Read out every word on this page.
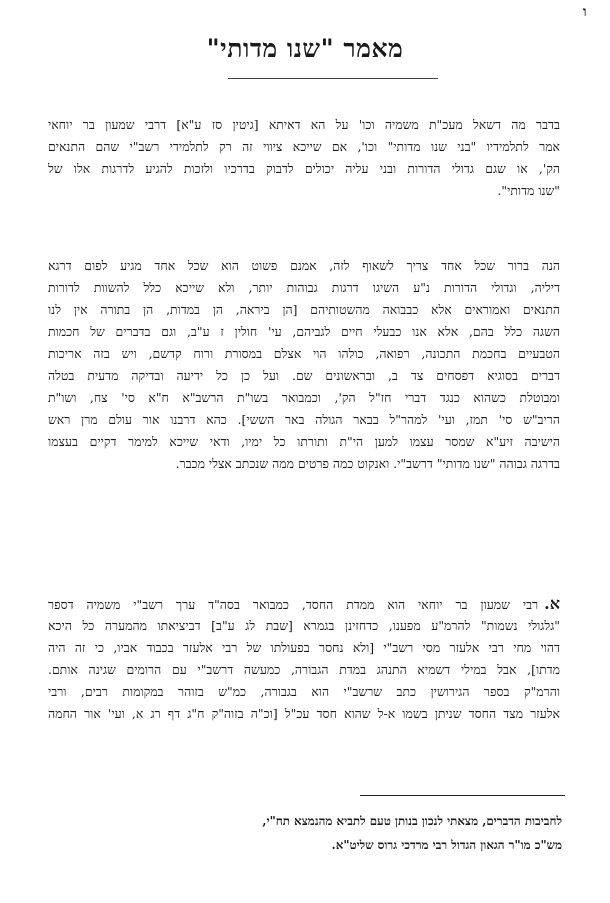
ו
מאמר "שנו מדותי"
בדבר מה דשאל מעכ"ת משמיה וכו' על הא דאיתא [גיטין סז ע"א] דרבי שמעון בר יוחאי
אמר לתלמידיו "בני שנו מדותי" וכו', אם שייכא ציווי זה רק לתלמידי רשב"י שהם התנאים
הק', או שגם גדולי הדורות ובני עליה יכולים לדבוק בדרכיו ולזכות להגיע לדרגות אלו של
"שנו מדותי".
הנה ברור שכל אחד צריך לשאוף לזה, אמנם פשוט הוא שכל אחד מגיע לפום דרגא
דיליה, וגדולי הדורות נ"ע השיגו דרגות גבוהות יותר, ולא שייכא כלל להשוות לדורות
התנאים ואמוראים אלא כבבואה מהשטותיהם [הן ביראה, הן במדות, הן בתורה אין לנו
השגה כלל בהם, אלא אנו כבעלי חיים לגביהם, עי' חולין ז ע"ב, וגם בדברים של חכמות
הטבעיים בחכמת התכונה, רפואה, כולהו הוי אצלם במסורת ורוח קדשם, ויש בזה אריכות
דברים בסוגיא דפסחים צד ב, ובראשונים שם. ועל כן כל ידיעה ובדיקה מדעית בטלה
ומבוטלת כשהוא כנגד דברי חז"ל הק', וכמבואר בשו"ת הרשב"א ח"א סי' צח, ושו"ת
הריב"ש סי' תמז, ועי' למהר"ל בבאר הגולה באר הששי]. כהא דרבנו אור עולם מרן ראש
הישיבה זיע"א שמסר עצמו למען הי"ת ותורתו כל ימיו, ודאי שייכא למימר דקיים בעצמו
בדרגה גבוהה "שנו מדותי" דרשב"י. ואנקוט כמה פרטים ממה שנכתב אצלי מכבר.
א.רבי שמעון בר יוחאי הוא ממדת החסד, כמבואר בסה"ד ערך רשב"י משמיה דספר
"גלגולי נשמות" להרמ"ע מפענו, כדחזינן בגמרא [שבת לג ע"ב] דביציאתו מהמערה כל היכא
דהוי מחי רבי אלעזר מסי רשב"י [ולא נחסר בפעולתו של רבי אלעזר בכבוד אביו, כי זה היה
מדתו], אבל במילי דשמיא התנהג במדת הגבורה, כמעשה דרשב"י עם הרומים שגינה אותם.
והרמ"ק בספר הגירושין כתב שרשב"י הוא בגבורה, כמ"ש בזוהר במקומות רבים, ורבי
אלעזר מצד החסד שניתן בשמו א-ל שהוא חסד עכ"ל [וכ"ה בזוה"ק ח"ג דף רג א, ועי' אור החמה
לחביבות הדברים, מצאתי לנכון בנותן טעם לתביא מהנמצא תח"י,
מש"כ מו"ר הגאון הגדול רבי מרדכי גרוס שליט"א.
